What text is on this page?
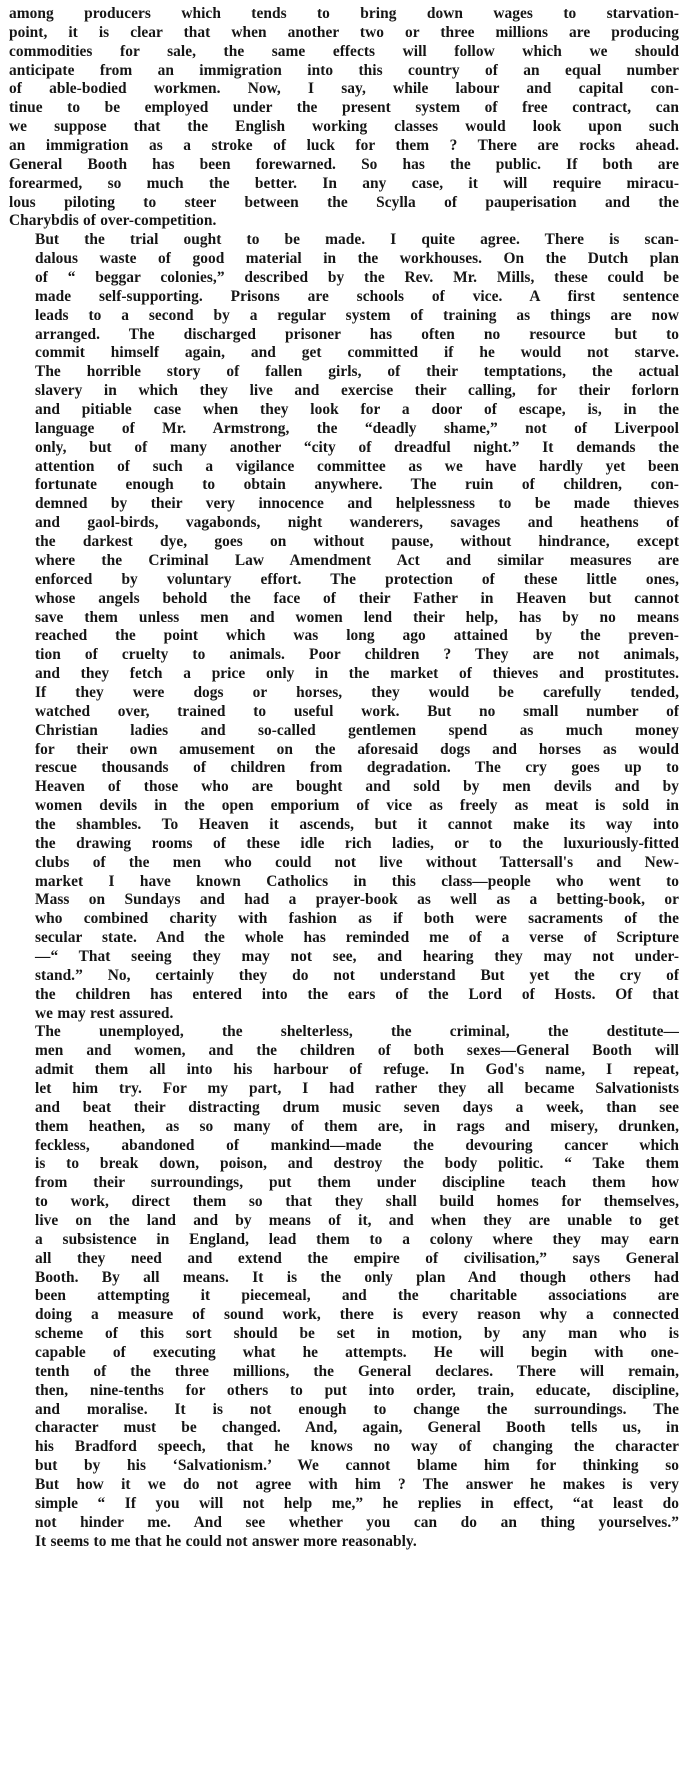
among producers which tends to bring down wages to starvation-
point, it is clear that when another two or three millions are producing
commodities for sale, the same effects will follow which we should
anticipate from an immigration into this country of an equal number
of able-bodied workmen. Now, I say, while labour and capital con-
tinue to be employed under the present system of free contract, can
we suppose that the English working classes would look upon such
an immigration as a stroke of luck for them ? There are rocks ahead.
General Booth has been forewarned. So has the public. If both are
forearmed, so much the better. In any case, it will require miracu-
lous piloting to steer between the Scylla of pauperisation and the
Charybdis of over-competition.

But the trial ought to be made. I quite agree. There is scan-
dalous waste of good material in the workhouses. On the Dutch plan
of “ beggar colonies,” described by the Rev. Mr. Mills, these could be
made self-supporting. Prisons are schools of vice. A first sentence
leads to a second by a regular system of training as things are now
arranged. The discharged prisoner has often no resource but to
commit himself again, and get committed if he would not starve.
The horrible story of fallen girls, of their temptations, the actual
slavery in which they live and exercise their calling, for their forlorn
and pitiable case when they look for a door of escape, is, in the
language of Mr. Armstrong, the “deadly shame,” not of Liverpool
only, but of many another “city of dreadful night.” It demands the
attention of such a vigilance committee as we have hardly yet been
fortunate enough to obtain anywhere. The ruin of children, con-
demned by their very innocence and helplessness to be made thieves
and gaol-birds, vagabonds, night wanderers, savages and heathens of
the darkest dye, goes on without pause, without hindrance, except
where the Criminal Law Amendment Act and similar measures are
enforced by voluntary effort. The protection of these little ones,
whose angels behold the face of their Father in Heaven but cannot
save them unless men and women lend their help, has by no means
reached the point which was long ago attained by the preven-
tion of cruelty to animals. Poor children ? They are not animals,
and they fetch a price only in the market of thieves and prostitutes.
If they were dogs or horses, they would be carefully tended,
watched over, trained to useful work. But no small number of
Christian ladies and so-called gentlemen spend as much money
for their own amusement on the aforesaid dogs and horses as would
rescue thousands of children from degradation. The cry goes up to
Heaven of those who are bought and sold by men devils and by
women devils in the open emporium of vice as freely as meat is sold in
the shambles. To Heaven it ascends, but it cannot make its way into
the drawing rooms of these idle rich ladies, or to the luxuriously-fitted
clubs of the men who could not live without Tattersall's and New-
market I have known Catholics in this class—people who went to
Mass on Sundays and had a prayer-book as well as a betting-book, or
who combined charity with fashion as if both were sacraments of the
secular state. And the whole has reminded me of a verse of Scripture
—“ That seeing they may not see, and hearing they may not under-
stand.” No, certainly they do not understand But yet the cry of
the children has entered into the ears of the Lord of Hosts. Of that
we may rest assured.

The unemployed, the shelterless, the criminal, the destitute—
men and women, and the children of both sexes—General Booth will
admit them all into his harbour of refuge. In God's name, I repeat,
let him try. For my part, I had rather they all became Salvationists
and beat their distracting drum music seven days a week, than see
them heathen, as so many of them are, in rags and misery, drunken,
feckless, abandoned of mankind—made the devouring cancer which
is to break down, poison, and destroy the body politic. “ Take them
from their surroundings, put them under discipline teach them how
to work, direct them so that they shall build homes for themselves,
live on the land and by means of it, and when they are unable to get
a subsistence in England, lead them to a colony where they may earn
all they need and extend the empire of civilisation,” says General
Booth. By all means. It is the only plan And though others had
been attempting it piecemeal, and the charitable associations are
doing a measure of sound work, there is every reason why a connected
scheme of this sort should be set in motion, by any man who is
capable of executing what he attempts. He will begin with one-
tenth of the three millions, the General declares. There will remain,
then, nine-tenths for others to put into order, train, educate, discipline,
and moralise. It is not enough to change the surroundings. The
character must be changed. And, again, General Booth tells us, in
his Bradford speech, that he knows no way of changing the character
but by his ‘Salvationism.’ We cannot blame him for thinking so
But how it we do not agree with him ? The answer he makes is very
simple “ If you will not help me,” he replies in effect, “at least do
not hinder me. And see whether you can do an thing yourselves.”
It seems to me that he could not answer more reasonably.
